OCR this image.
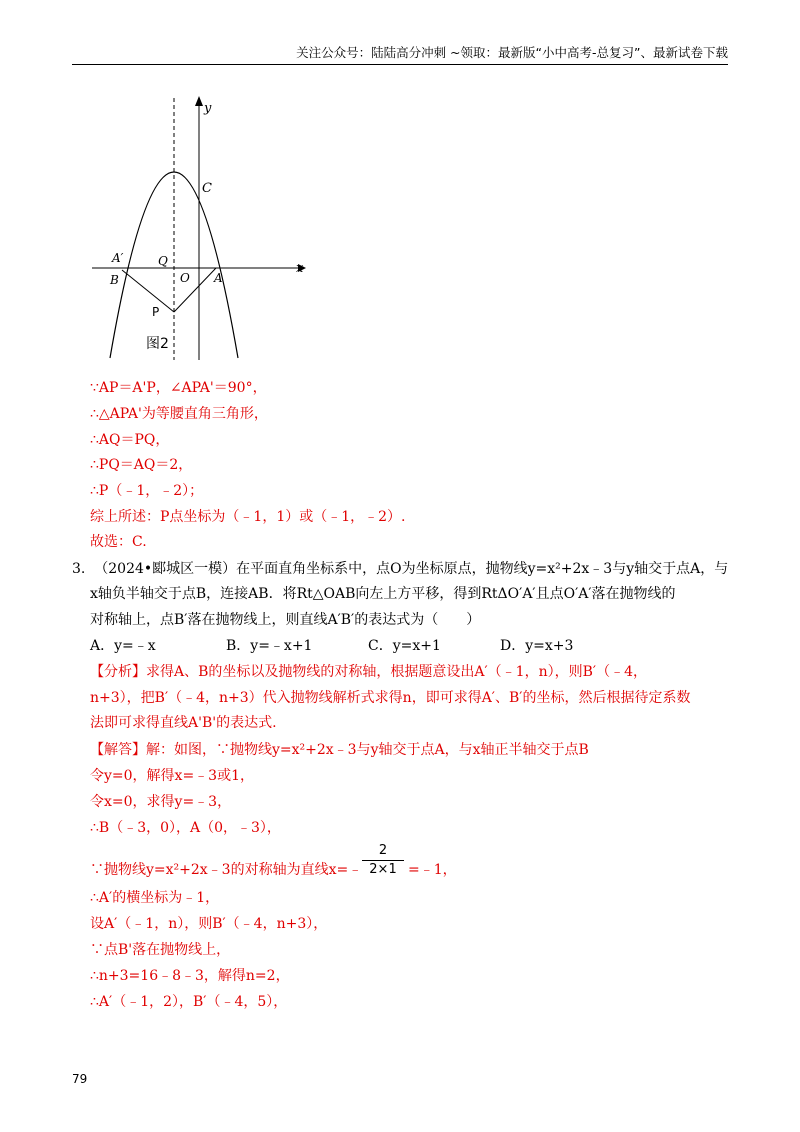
关注公众号：陆陆高分冲刺 ~领取：最新版“小中高考-总复习”、最新试卷下载
y
x
C
A′
B
Q
O A
P
图2
∵AP＝A'P，∠APA'＝90°，
∴△APA'为等腰直角三角形，
∴AQ＝PQ，
∴PQ＝AQ＝2，
∴P（﹣1，﹣2）；
综上所述：P点坐标为（﹣1，1）或（﹣1，﹣2）.
故选：C.
3. （2024•郾城区一模）在平面直角坐标系中，点O为坐标原点，抛物线y=x²+2x﹣3与y轴交于点A，与
x轴负半轴交于点B，连接AB．将Rt△OAB向左上方平移，得到RtΔO′A′且点O′A′落在抛物线的
对称轴上，点B′落在抛物线上，则直线A′B′的表达式为（　　）
A．y=﹣x	B．y=﹣x+1	C．y=x+1	D．y=x+3
【分析】求得A、B的坐标以及抛物线的对称轴，根据题意设出A′（﹣1，n），则B′（﹣4，
n+3），把B′（﹣4，n+3）代入抛物线解析式求得n，即可求得A′、B′的坐标，然后根据待定系数
法即可求得直线A'B'的表达式.
【解答】解：如图，∵抛物线y=x²+2x﹣3与y轴交于点A，与x轴正半轴交于点B
令y=0，解得x=﹣3或1，
令x=0，求得y=﹣3，
∴B（﹣3，0），A（0，﹣3），
∵抛物线y=x²+2x﹣3的对称轴为直线x=﹣
2
2×1 =﹣1，
∴A′的横坐标为﹣1，
设A′（﹣1，n），则B′（﹣4，n+3），
∵点B'落在抛物线上，
∴n+3=16﹣8﹣3，解得n=2，
∴A′（﹣1，2），B′（﹣4，5），
79
